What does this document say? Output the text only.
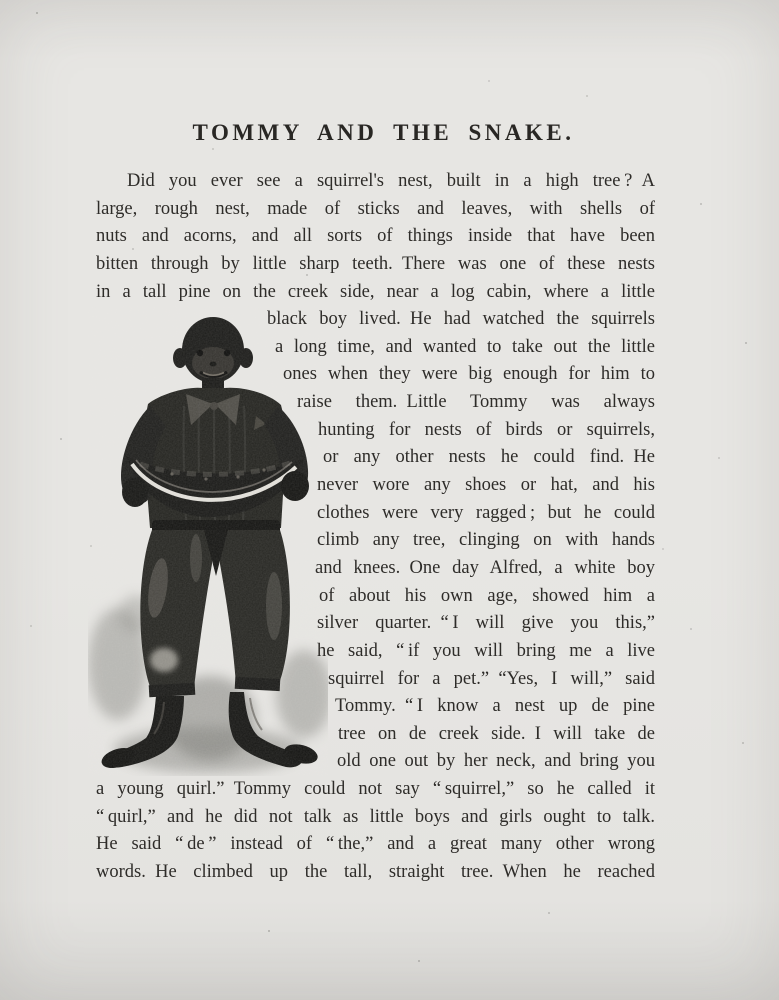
TOMMY AND THE SNAKE.
Did you ever see a squirrel's nest, built in a high tree ? A
large, rough nest, made of sticks and leaves, with shells of
nuts and acorns, and all sorts of things inside that have been
bitten through by little sharp teeth. There was one of these nests
in a tall pine on the creek side, near a log cabin, where a little
black boy lived. He had watched the squirrels
a long time, and wanted to take out the little
ones when they were big enough for him to
raise them. Little Tommy was always
hunting for nests of birds or squirrels,
or any other nests he could find. He
never wore any shoes or hat, and his
clothes were very ragged ; but he could
climb any tree, clinging on with hands
and knees. One day Alfred, a white boy
of about his own age, showed him a
silver quarter. “ I will give you this,”
he said, “ if you will bring me a live
squirrel for a pet.” “Yes, I will,” said
Tommy. “ I know a nest up de pine
tree on de creek side. I will take de
old one out by her neck, and bring you
a young quirl.” Tommy could not say “ squirrel,” so he called it
“ quirl,” and he did not talk as little boys and girls ought to talk.
He said “ de ” instead of “ the,” and a great many other wrong
words. He climbed up the tall, straight tree. When he reached
